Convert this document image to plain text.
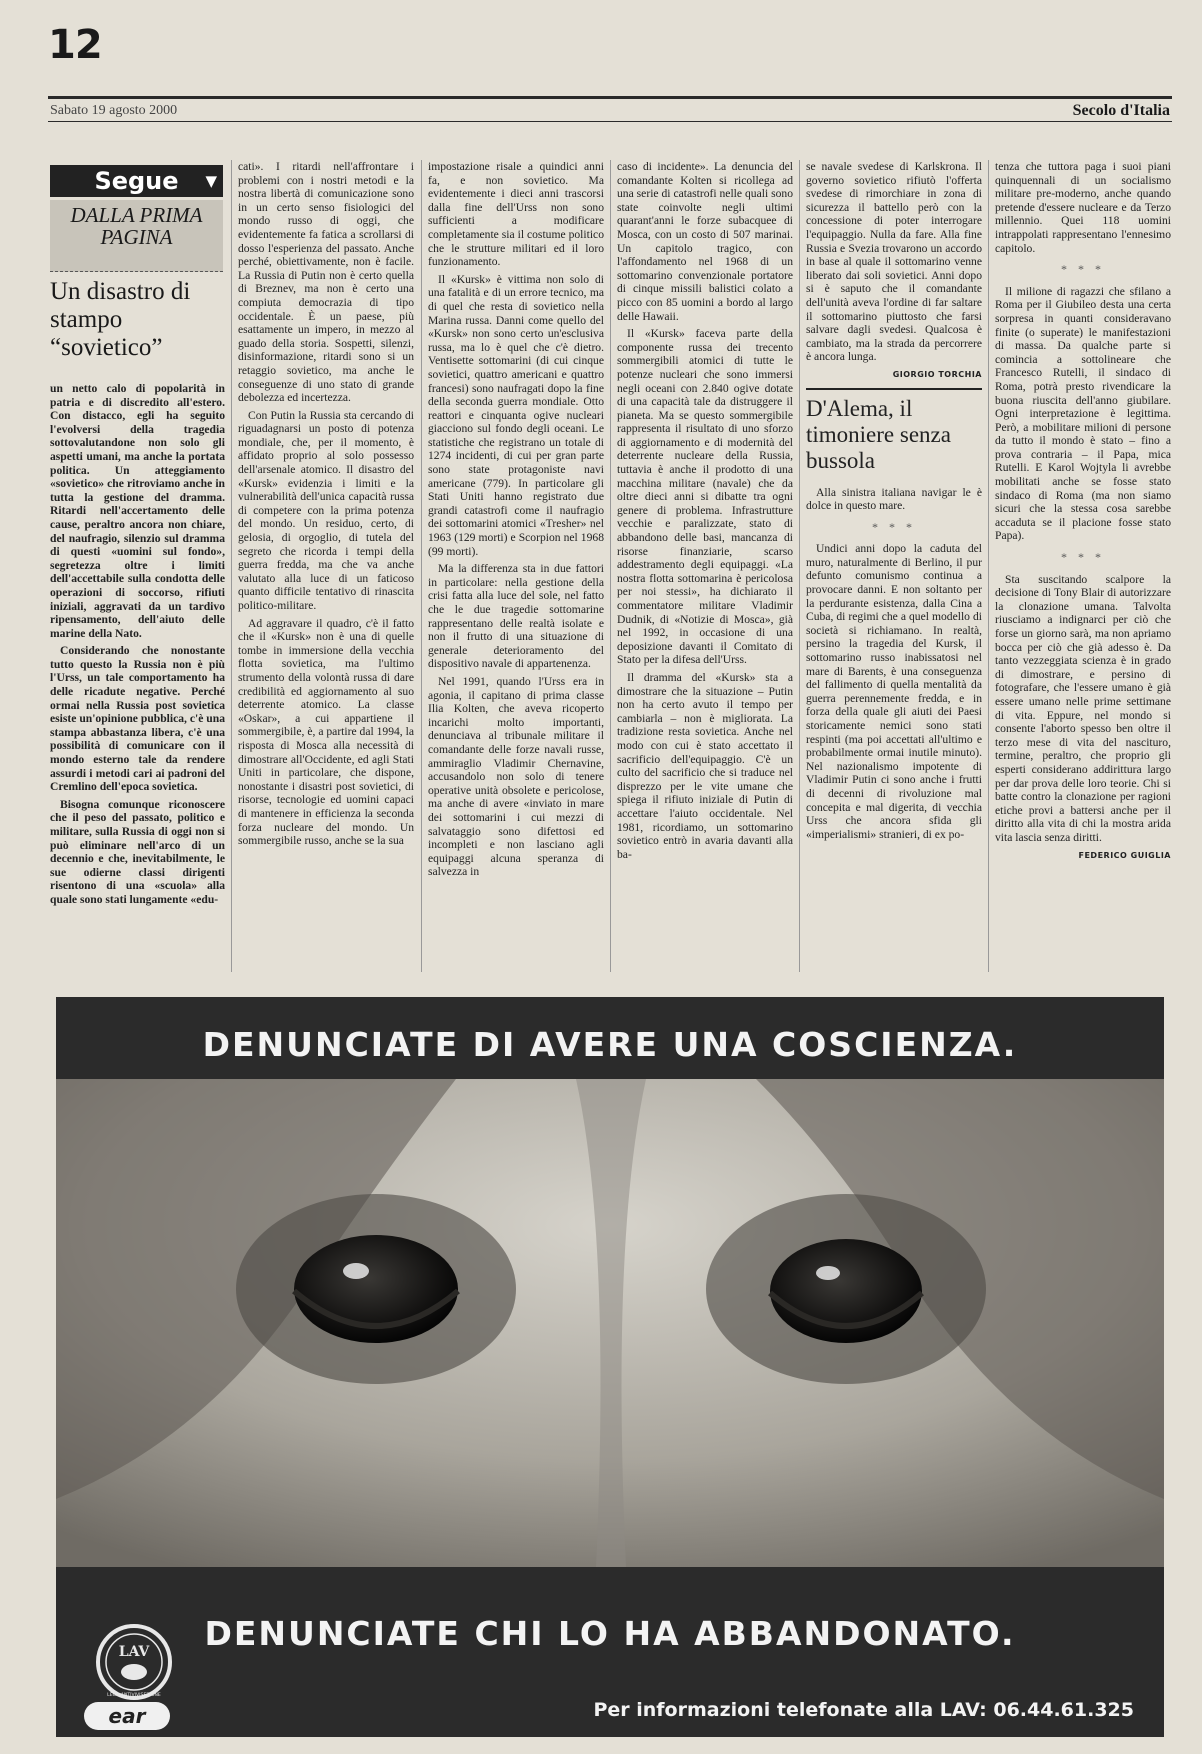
12
Sabato 19 agosto 2000	Secolo d'Italia
Segue ▼
DALLA PRIMA PAGINA
Un disastro di stampo “sovietico”

un netto calo di popolarità in patria e di discredito all'estero. Con distacco, egli ha seguito l'evolversi della tragedia sottovalutandone non solo gli aspetti umani, ma anche la portata politica. Un atteggiamento «sovietico» che ritroviamo anche in tutta la gestione del dramma. Ritardi nell'accertamento delle cause, peraltro ancora non chiare, del naufragio, silenzio sul dramma di questi «uomini sul fondo», segretezza oltre i limiti dell'accettabile sulla condotta delle operazioni di soccorso, rifiuti iniziali, aggravati da un tardivo ripensamento, dell'aiuto delle marine della Nato.

Considerando che nonostante tutto questo la Russia non è più l'Urss, un tale comportamento ha delle ricadute negative. Perché ormai nella Russia post sovietica esiste un'opinione pubblica, c'è una stampa abbastanza libera, c'è una possibilità di comunicare con il mondo esterno tale da rendere assurdi i metodi cari ai padroni del Cremlino dell'epoca sovietica.

Bisogna comunque riconoscere che il peso del passato, politico e militare, sulla Russia di oggi non si può eliminare nell'arco di un decennio e che, inevitabilmente, le sue odierne classi dirigenti risentono di una «scuola» alla quale sono stati lungamente «edu-

cati». I ritardi nell'affrontare i problemi con i nostri metodi e la nostra libertà di comunicazione sono in un certo senso fisiologici del mondo russo di oggi, che evidentemente fa fatica a scrollarsi di dosso l'esperienza del passato. Anche perché, obiettivamente, non è facile. La Russia di Putin non è certo quella di Breznev, ma non è certo una compiuta democrazia di tipo occidentale. È un paese, più esattamente un impero, in mezzo al guado della storia. Sospetti, silenzi, disinformazione, ritardi sono si un retaggio sovietico, ma anche le conseguenze di uno stato di grande debolezza ed incertezza.

Con Putin la Russia sta cercando di riguadagnarsi un posto di potenza mondiale, che, per il momento, è affidato proprio al solo possesso dell'arsenale atomico. Il disastro del «Kursk» evidenzia i limiti e la vulnerabilità dell'unica capacità russa di competere con la prima potenza del mondo. Un residuo, certo, di gelosia, di orgoglio, di tutela del segreto che ricorda i tempi della guerra fredda, ma che va anche valutato alla luce di un faticoso quanto difficile tentativo di rinascita politico-militare.

Ad aggravare il quadro, c'è il fatto che il «Kursk» non è una di quelle tombe in immersione della vecchia flotta sovietica, ma l'ultimo strumento della volontà russa di dare credibilità ed aggiornamento al suo deterrente atomico. La classe «Oskar», a cui appartiene il sommergibile, è, a partire dal 1994, la risposta di Mosca alla necessità di dimostrare all'Occidente, ed agli Stati Uniti in particolare, che dispone, nonostante i disastri post sovietici, di risorse, tecnologie ed uomini capaci di mantenere in efficienza la seconda forza nucleare del mondo. Un sommergibile russo, anche se la sua

impostazione risale a quindici anni fa, e non sovietico. Ma evidentemente i dieci anni trascorsi dalla fine dell'Urss non sono sufficienti a modificare completamente sia il costume politico che le strutture militari ed il loro funzionamento.

Il «Kursk» è vittima non solo di una fatalità e di un errore tecnico, ma di quel che resta di sovietico nella Marina russa. Danni come quello del «Kursk» non sono certo un'esclusiva russa, ma lo è quel che c'è dietro. Ventisette sottomarini (di cui cinque sovietici, quattro americani e quattro francesi) sono naufragati dopo la fine della seconda guerra mondiale. Otto reattori e cinquanta ogive nucleari giacciono sul fondo degli oceani. Le statistiche che registrano un totale di 1274 incidenti, di cui per gran parte sono state protagoniste navi americane (779). In particolare gli Stati Uniti hanno registrato due grandi catastrofi come il naufragio dei sottomarini atomici «Tresher» nel 1963 (129 morti) e Scorpion nel 1968 (99 morti).

Ma la differenza sta in due fattori in particolare: nella gestione della crisi fatta alla luce del sole, nel fatto che le due tragedie sottomarine rappresentano delle realtà isolate e non il frutto di una situazione di generale deterioramento del dispositivo navale di appartenenza.

Nel 1991, quando l'Urss era in agonia, il capitano di prima classe Ilia Kolten, che aveva ricoperto incarichi molto importanti, denunciava al tribunale militare il comandante delle forze navali russe, ammiraglio Vladimir Chernavine, accusandolo non solo di tenere operative unità obsolete e pericolose, ma anche di avere «inviato in mare dei sottomarini i cui mezzi di salvataggio sono difettosi ed incompleti e non lasciano agli equipaggi alcuna speranza di salvezza in

caso di incidente». La denuncia del comandante Kolten si ricollega ad una serie di catastrofi nelle quali sono state coinvolte negli ultimi quarant'anni le forze subacquee di Mosca, con un costo di 507 marinai. Un capitolo tragico, con l'affondamento nel 1968 di un sottomarino convenzionale portatore di cinque missili balistici colato a picco con 85 uomini a bordo al largo delle Hawaii.

Il «Kursk» faceva parte della componente russa dei trecento sommergibili atomici di tutte le potenze nucleari che sono immersi negli oceani con 2.840 ogive dotate di una capacità tale da distruggere il pianeta. Ma se questo sommergibile rappresenta il risultato di uno sforzo di aggiornamento e di modernità del deterrente nucleare della Russia, tuttavia è anche il prodotto di una macchina militare (navale) che da oltre dieci anni si dibatte tra ogni genere di problema. Infrastrutture vecchie e paralizzate, stato di abbandono delle basi, mancanza di risorse finanziarie, scarso addestramento degli equipaggi. «La nostra flotta sottomarina è pericolosa per noi stessi», ha dichiarato il commentatore militare Vladimir Dudnik, di «Notizie di Mosca», già nel 1992, in occasione di una deposizione davanti il Comitato di Stato per la difesa dell'Urss.

Il dramma del «Kursk» sta a dimostrare che la situazione – Putin non ha certo avuto il tempo per cambiarla – non è migliorata. La tradizione resta sovietica. Anche nel modo con cui è stato accettato il sacrificio dell'equipaggio. C'è un culto del sacrificio che si traduce nel disprezzo per le vite umane che spiega il rifiuto iniziale di Putin di accettare l'aiuto occidentale. Nel 1981, ricordiamo, un sottomarino sovietico entrò in avaria davanti alla ba-

se navale svedese di Karlskrona. Il governo sovietico rifiutò l'offerta svedese di rimorchiare in zona di sicurezza il battello però con la concessione di poter interrogare l'equipaggio. Nulla da fare. Alla fine Russia e Svezia trovarono un accordo in base al quale il sottomarino venne liberato dai soli sovietici. Anni dopo si è saputo che il comandante dell'unità aveva l'ordine di far saltare il sottomarino piuttosto che farsi salvare dagli svedesi. Qualcosa è cambiato, ma la strada da percorrere è ancora lunga.

GIORGIO TORCHIA
D'Alema, il timoniere senza bussola

Alla sinistra italiana navigar le è dolce in questo mare.

* * *

Undici anni dopo la caduta del muro, naturalmente di Berlino, il pur defunto comunismo continua a provocare danni. E non soltanto per la perdurante esistenza, dalla Cina a Cuba, di regimi che a quel modello di società si richiamano. In realtà, persino la tragedia del Kursk, il sottomarino russo inabissatosi nel mare di Barents, è una conseguenza del fallimento di quella mentalità da guerra perennemente fredda, e in forza della quale gli aiuti dei Paesi storicamente nemici sono stati respinti (ma poi accettati all'ultimo e probabilmente ormai inutile minuto). Nel nazionalismo impotente di Vladimir Putin ci sono anche i frutti di decenni di rivoluzione mal concepita e mal digerita, di vecchia Urss che ancora sfida gli «imperialismi» stranieri, di ex po-

tenza che tuttora paga i suoi piani quinquennali di un socialismo militare pre-moderno, anche quando pretende d'essere nucleare e da Terzo millennio. Quei 118 uomini intrappolati rappresentano l'ennesimo capitolo.

* * *

Il milione di ragazzi che sfilano a Roma per il Giubileo desta una certa sorpresa in quanti consideravano finite (o superate) le manifestazioni di massa. Da qualche parte si comincia a sottolineare che Francesco Rutelli, il sindaco di Roma, potrà presto rivendicare la buona riuscita dell'anno giubilare. Ogni interpretazione è legittima. Però, a mobilitare milioni di persone da tutto il mondo è stato – fino a prova contraria – il Papa, mica Rutelli. E Karol Wojtyla li avrebbe mobilitati anche se fosse stato sindaco di Roma (ma non siamo sicuri che la stessa cosa sarebbe accaduta se il placione fosse stato Papa).

* * *

Sta suscitando scalpore la decisione di Tony Blair di autorizzare la clonazione umana. Talvolta riusciamo a indignarci per ciò che forse un giorno sarà, ma non apriamo bocca per ciò che già adesso è. Da tanto vezzeggiata scienza è in grado di dimostrare, e persino di fotografare, che l'essere umano è già essere umano nelle prime settimane di vita. Eppure, nel mondo si consente l'aborto spesso ben oltre il terzo mese di vita del nascituro, termine, peraltro, che proprio gli esperti considerano addirittura largo per dar prova delle loro teorie. Chi si batte contro la clonazione per ragioni etiche provi a battersi anche per il diritto alla vita di chi la mostra arida vita lascia senza diritti.

FEDERICO GUIGLIA
DENUNCIATE DI AVERE UNA COSCIENZA.
DENUNCIATE CHI LO HA ABBANDONATO.
Per informazioni telefonate alla LAV: 06.44.61.325
LAV
LEGA ANTIVIVISEZIONE
ear
